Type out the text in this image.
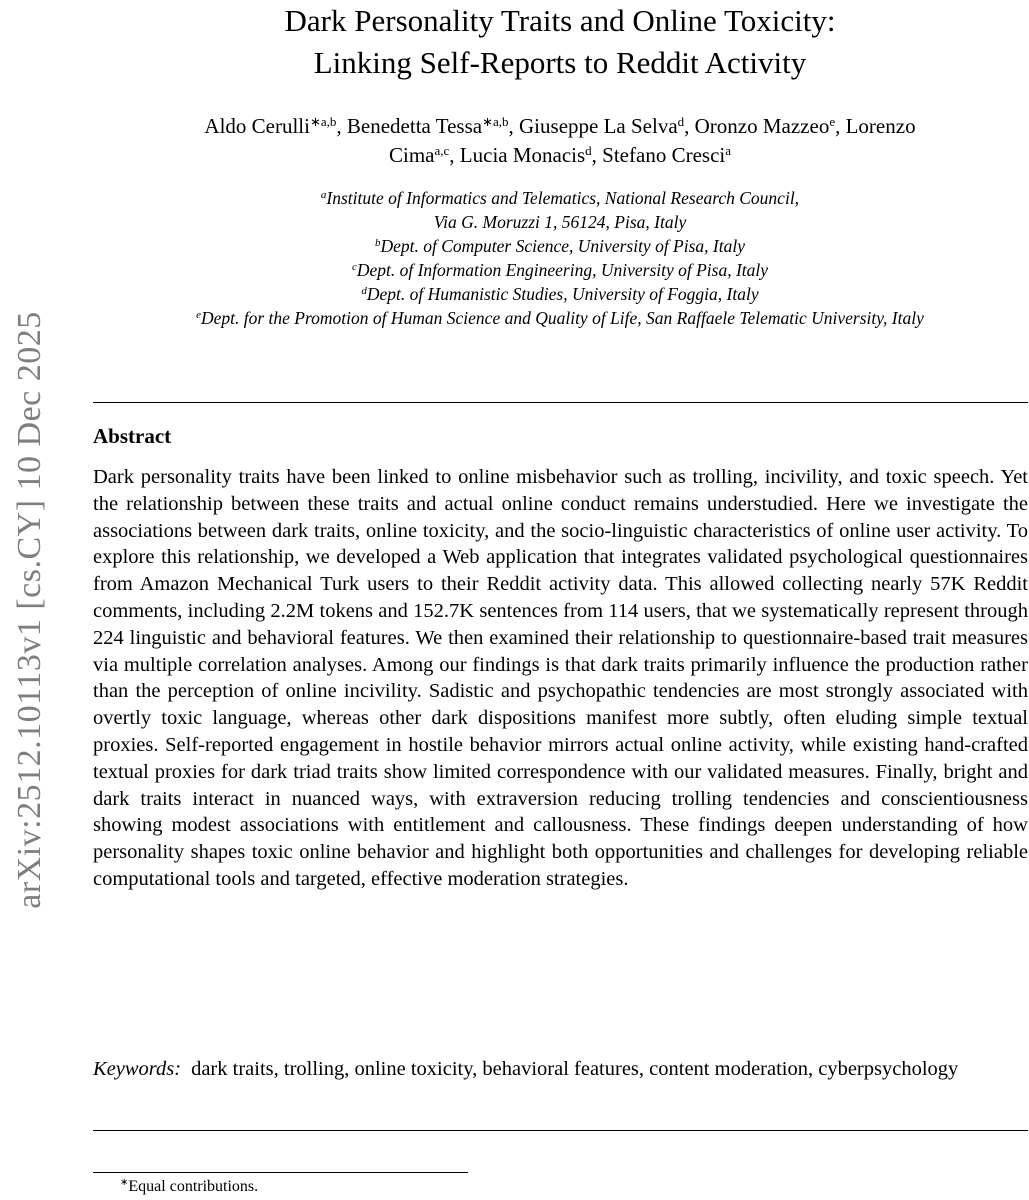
arXiv:2512.10113v1 [cs.CY] 10 Dec 2025
Dark Personality Traits and Online Toxicity:
Linking Self-Reports to Reddit Activity
Aldo Cerulli$^{∗a,b}$, Benedetta Tessa$^{∗a,b}$, Giuseppe La Selva$^d$, Oronzo Mazzeo$^e$, Lorenzo
Cima$^{a,c}$, Lucia Monacis$^d$, Stefano Cresci$^a$
$^a$Institute of Informatics and Telematics, National Research Council,
Via G. Moruzzi 1, 56124, Pisa, Italy
$^b$Dept. of Computer Science, University of Pisa, Italy
$^c$Dept. of Information Engineering, University of Pisa, Italy
$^d$Dept. of Humanistic Studies, University of Foggia, Italy
$^e$Dept. for the Promotion of Human Science and Quality of Life, San Raffaele Telematic University, Italy
Abstract
Dark personality traits have been linked to online misbehavior such as trolling, incivility, and toxic speech. Yet the relationship between these traits and actual online conduct remains understudied. Here we investigate the associations between dark traits, online toxicity, and the socio-linguistic characteristics of online user activity. To explore this relationship, we developed a Web application that integrates validated psychological questionnaires from Amazon Mechanical Turk users to their Reddit activity data. This allowed collecting nearly 57K Reddit comments, including 2.2M tokens and 152.7K sentences from 114 users, that we systematically represent through 224 linguistic and behavioral features. We then examined their relationship to questionnaire-based trait measures via multiple correlation analyses. Among our findings is that dark traits primarily influence the production rather than the perception of online incivility. Sadistic and psychopathic tendencies are most strongly associated with overtly toxic language, whereas other dark dispositions manifest more subtly, often eluding simple textual proxies. Self-reported engagement in hostile behavior mirrors actual online activity, while existing hand-crafted textual proxies for dark triad traits show limited correspondence with our validated measures. Finally, bright and dark traits interact in nuanced ways, with extraversion reducing trolling tendencies and conscientiousness showing modest associations with entitlement and callousness. These findings deepen understanding of how personality shapes toxic online behavior and highlight both opportunities and challenges for developing reliable computational tools and targeted, effective moderation strategies.
Keywords: dark traits, trolling, online toxicity, behavioral features, content moderation, cyberpsychology
∗Equal contributions.
